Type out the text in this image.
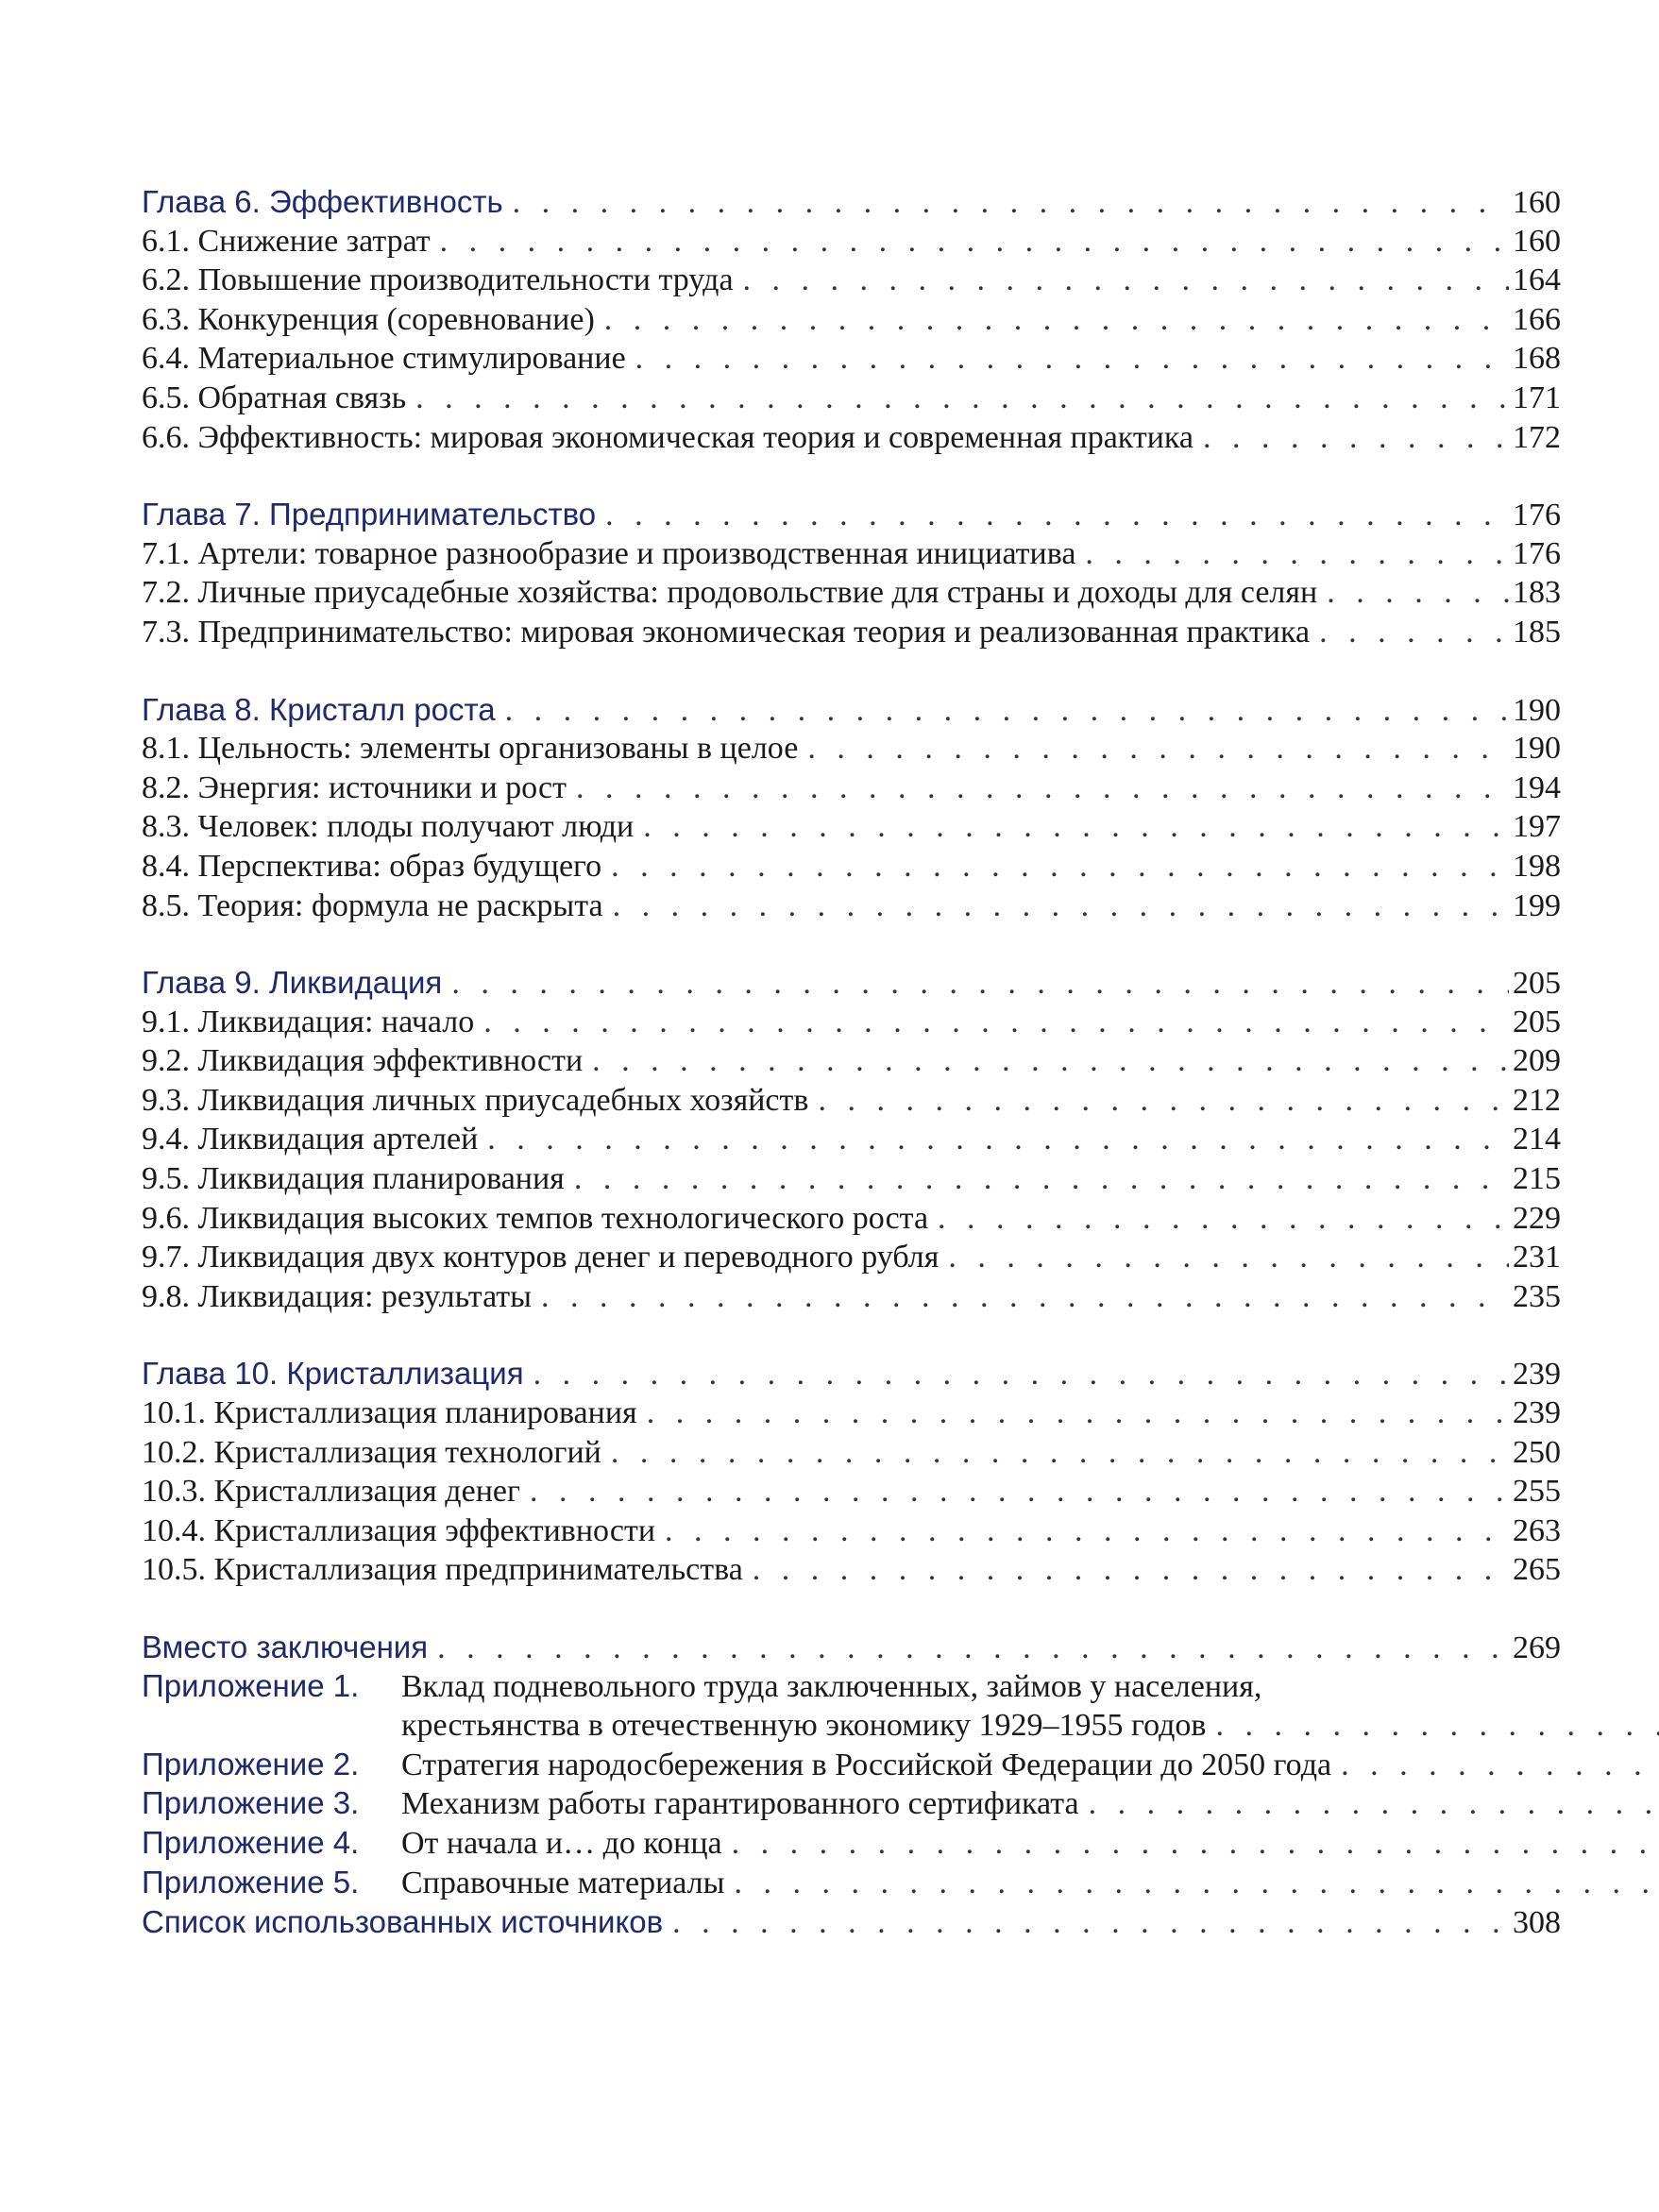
Глава 6. Эффективность . . .	160
6.1. Снижение затрат . . .	160
6.2. Повышение производительности труда . . .	164
6.3. Конкуренция (соревнование) . . .	166
6.4. Материальное стимулирование . . .	168
6.5. Обратная связь . . .	171
6.6. Эффективность: мировая экономическая теория и современная практика . . .	172
Глава 7. Предпринимательство . . .	176
7.1. Артели: товарное разнообразие и производственная инициатива . . .	176
7.2. Личные приусадебные хозяйства: продовольствие для страны и доходы для селян . . .	183
7.3. Предпринимательство: мировая экономическая теория и реализованная практика . . .	185
Глава 8. Кристалл роста . . .	190
8.1. Цельность: элементы организованы в целое . . .	190
8.2. Энергия: источники и рост . . .	194
8.3. Человек: плоды получают люди . . .	197
8.4. Перспектива: образ будущего . . .	198
8.5. Теория: формула не раскрыта . . .	199
Глава 9. Ликвидация . . .	205
9.1. Ликвидация: начало . . .	205
9.2. Ликвидация эффективности . . .	209
9.3. Ликвидация личных приусадебных хозяйств . . .	212
9.4. Ликвидация артелей . . .	214
9.5. Ликвидация планирования . . .	215
9.6. Ликвидация высоких темпов технологического роста . . .	229
9.7. Ликвидация двух контуров денег и переводного рубля . . .	231
9.8. Ликвидация: результаты . . .	235
Глава 10. Кристаллизация . . .	239
10.1. Кристаллизация планирования . . .	239
10.2. Кристаллизация технологий . . .	250
10.3. Кристаллизация денег . . .	255
10.4. Кристаллизация эффективности . . .	263
10.5. Кристаллизация предпринимательства . . .	265
Вместо заключения . . .	269
Приложение 1.	Вклад подневольного труда заключенных, займов у населения,
крестьянства в отечественную экономику 1929–1955 годов
. . .
Приложение 2.	Стратегия народосбережения в Российской Федерации до 2050 года
. . .
Приложение 3.	Механизм работы гарантированного сертификата
. . .
Приложение 4.	От начала и… до конца
. . .
Приложение 5.	Справочные материалы
. . .
Список использованных источников . . .	308
